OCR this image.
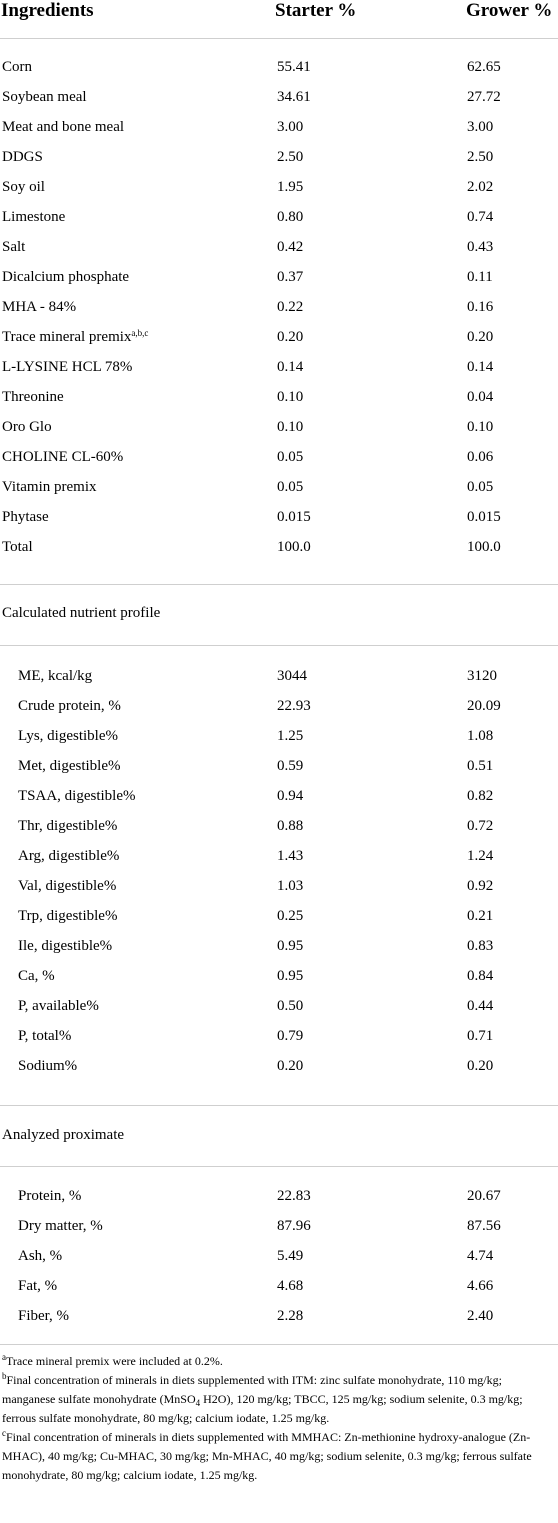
Ingredients	Starter %	Grower %
Corn	55.41	62.65
Soybean meal	34.61	27.72
Meat and bone meal	3.00	3.00
DDGS	2.50	2.50
Soy oil	1.95	2.02
Limestone	0.80	0.74
Salt	0.42	0.43
Dicalcium phosphate	0.37	0.11
MHA - 84%	0.22	0.16
Trace mineral premix$^{a,b,c}$	0.20	0.20
L-LYSINE HCL 78%	0.14	0.14
Threonine	0.10	0.04
Oro Glo	0.10	0.10
CHOLINE CL-60%	0.05	0.06
Vitamin premix	0.05	0.05
Phytase	0.015	0.015
Total	100.0	100.0
Calculated nutrient profile
ME, kcal/kg	3044	3120
Crude protein, %	22.93	20.09
Lys, digestible%	1.25	1.08
Met, digestible%	0.59	0.51
TSAA, digestible%	0.94	0.82
Thr, digestible%	0.88	0.72
Arg, digestible%	1.43	1.24
Val, digestible%	1.03	0.92
Trp, digestible%	0.25	0.21
Ile, digestible%	0.95	0.83
Ca, %	0.95	0.84
P, available%	0.50	0.44
P, total%	0.79	0.71
Sodium%	0.20	0.20
Analyzed proximate
Protein, %	22.83	20.67
Dry matter, %	87.96	87.56
Ash, %	5.49	4.74
Fat, %	4.68	4.66
Fiber, %	2.28	2.40

$^a$Trace mineral premix were included at 0.2%.

$^b$Final concentration of minerals in diets supplemented with ITM: zinc sulfate monohydrate, 110 mg/kg; manganese sulfate monohydrate (MnSO$_4$ H2O), 120 mg/kg; TBCC, 125 mg/kg; sodium selenite, 0.3 mg/kg; ferrous sulfate monohydrate, 80 mg/kg; calcium iodate, 1.25 mg/kg.

$^c$Final concentration of minerals in diets supplemented with MMHAC: Zn-methionine hydroxy-analogue (Zn-MHAC), 40 mg/kg; Cu-MHAC, 30 mg/kg; Mn-MHAC, 40 mg/kg; sodium selenite, 0.3 mg/kg; ferrous sulfate monohydrate, 80 mg/kg; calcium iodate, 1.25 mg/kg.
